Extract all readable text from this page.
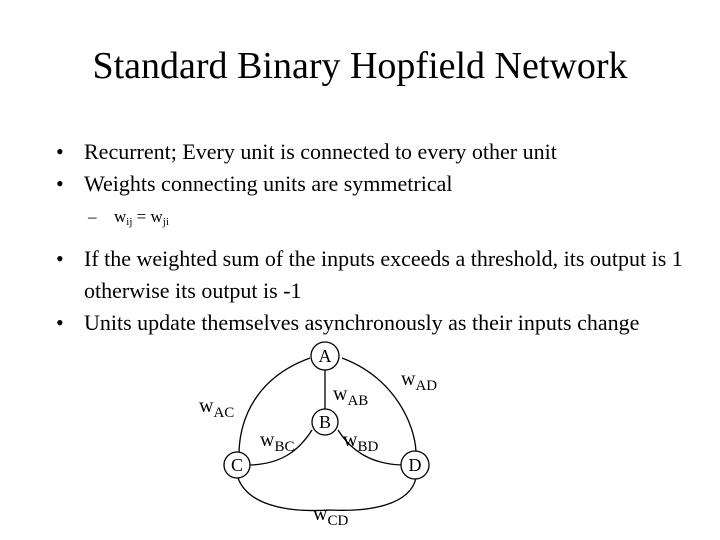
Standard Binary Hopfield Network
• Recurrent; Every unit is connected to every other unit
• Weights connecting units are symmetrical
– $w_{ij} = w_{ji}$
• If the weighted sum of the inputs exceeds a threshold, its output is 1 otherwise its output is -1
• Units update themselves asynchronously as their inputs change
A
B
C	D
wAD
wAB
wAC
wBC wBD
wCD
